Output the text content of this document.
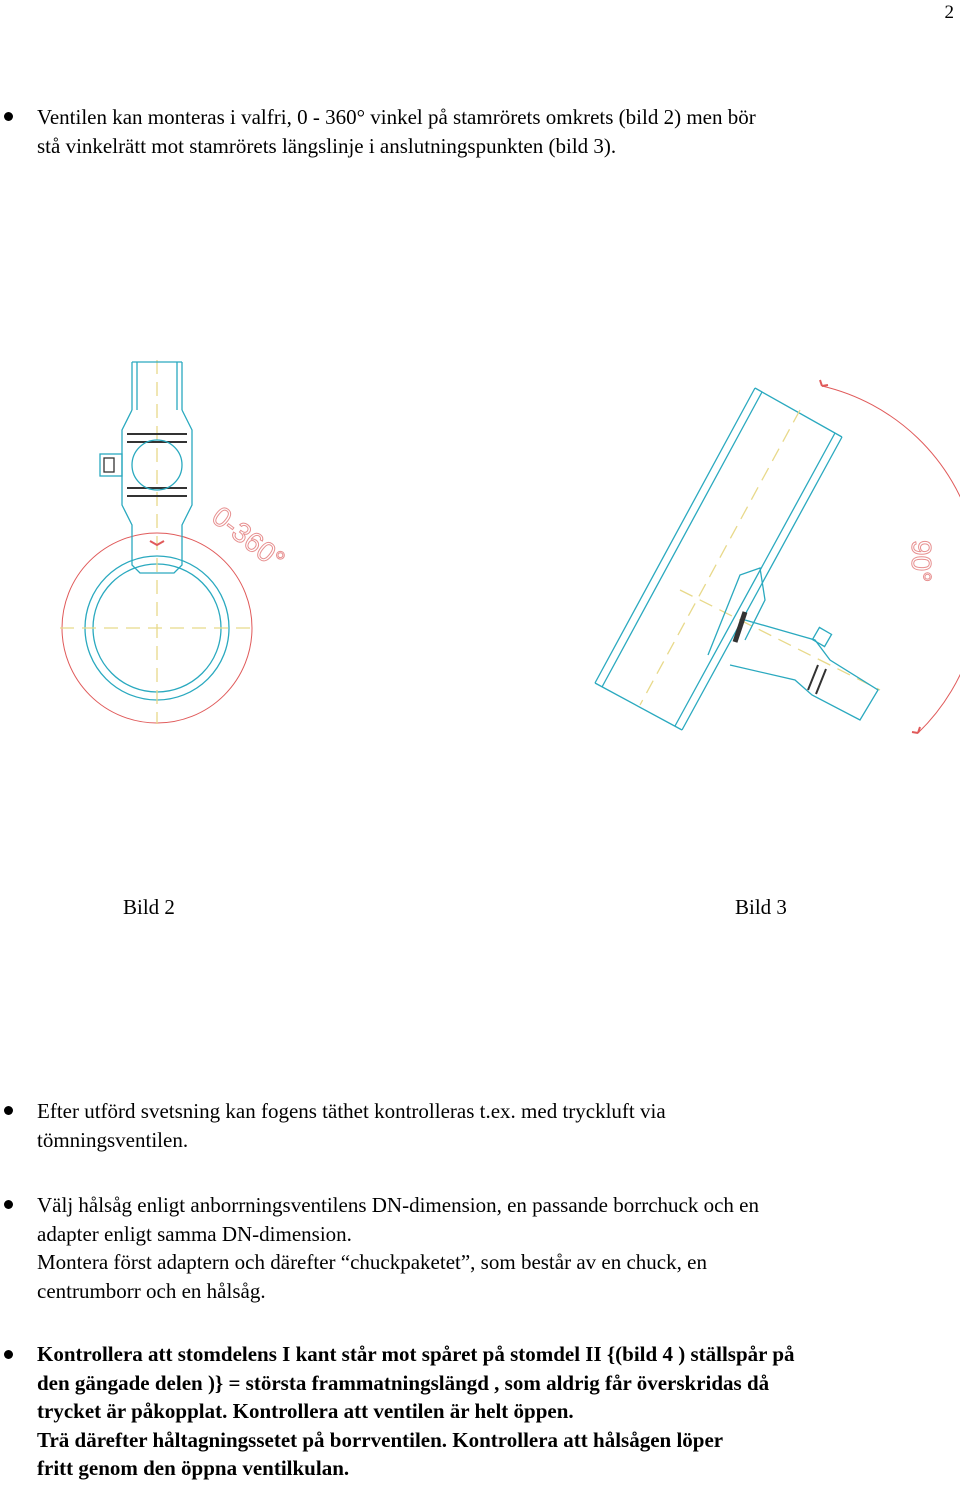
2
Ventilen kan monteras i valfri, 0 - 360° vinkel på stamrörets omkrets (bild 2) men bör
stå vinkelrätt mot stamrörets längslinje i anslutningspunkten (bild 3).
0-360°	90°
Bild 2	Bild 3
Efter utförd svetsning kan fogens täthet kontrolleras t.ex. med tryckluft via
tömningsventilen.
Välj hålsåg enligt anborrningsventilens DN-dimension, en passande borrchuck och en
adapter enligt samma DN-dimension.
Montera först adaptern och därefter “chuckpaketet”, som består av en chuck, en
centrumborr och en hålsåg.
Kontrollera att stomdelens I kant står mot spåret på stomdel II {(bild 4 ) ställspår på
den gängade delen )} = största frammatningslängd , som aldrig får överskridas då
trycket är påkopplat. Kontrollera att ventilen är helt öppen.
Trä därefter håltagningssetet på borrventilen. Kontrollera att hålsågen löper
fritt genom den öppna ventilkulan.
